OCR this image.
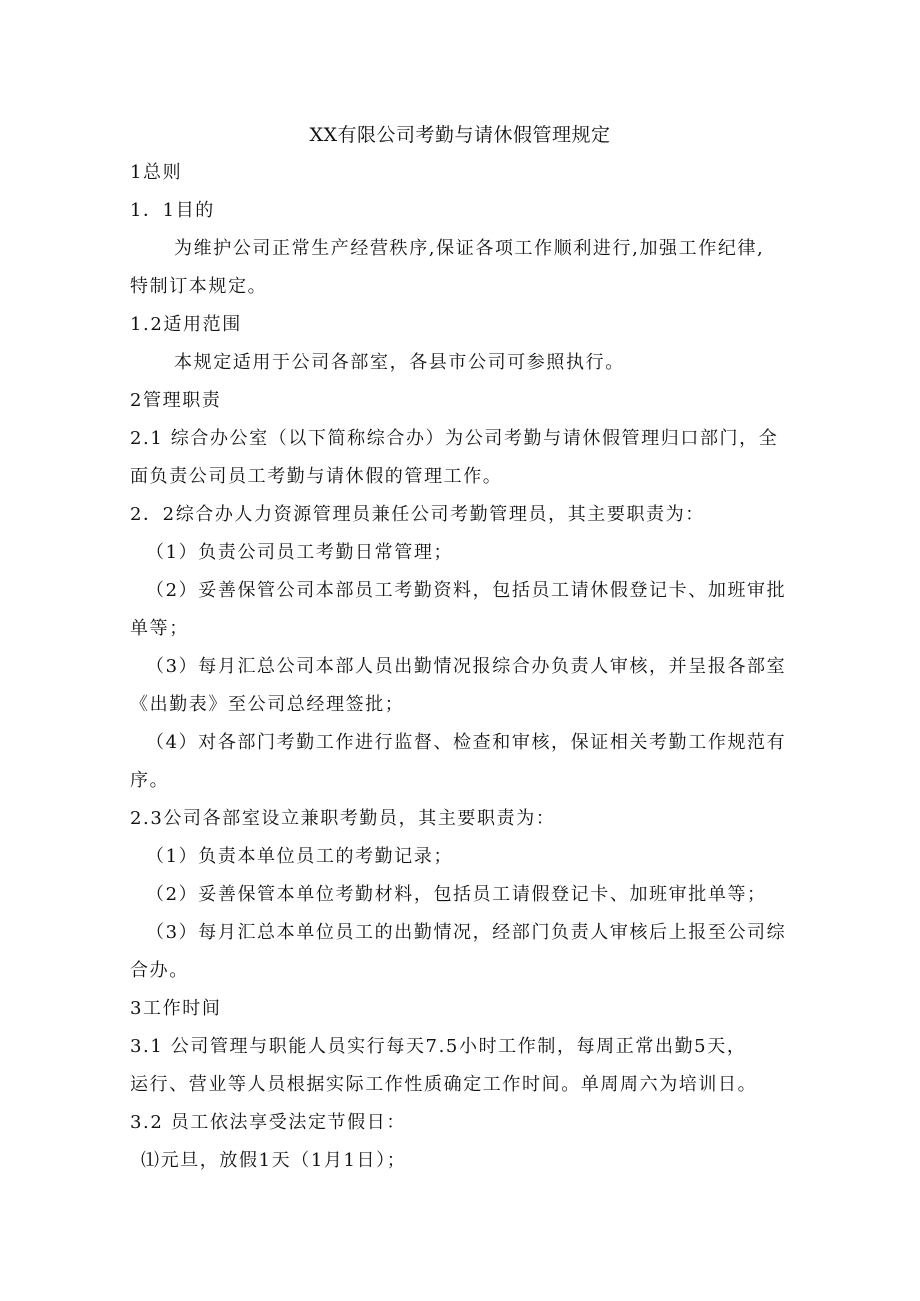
XX有限公司考勤与请休假管理规定
1总则
1．1目的
为维护公司正常生产经营秩序,保证各项工作顺利进行,加强工作纪律,
特制订本规定。
1.2适用范围
本规定适用于公司各部室，各县市公司可参照执行。
2管理职责
2.1 综合办公室（以下简称综合办）为公司考勤与请休假管理归口部门，全
面负责公司员工考勤与请休假的管理工作。
2．2综合办人力资源管理员兼任公司考勤管理员，其主要职责为：
（1）负责公司员工考勤日常管理；
（2）妥善保管公司本部员工考勤资料，包括员工请休假登记卡、加班审批
单等；
（3）每月汇总公司本部人员出勤情况报综合办负责人审核，并呈报各部室
《出勤表》至公司总经理签批；
（4）对各部门考勤工作进行监督、检查和审核，保证相关考勤工作规范有
序。
2.3公司各部室设立兼职考勤员，其主要职责为：
（1）负责本单位员工的考勤记录；
（2）妥善保管本单位考勤材料，包括员工请假登记卡、加班审批单等；
（3）每月汇总本单位员工的出勤情况，经部门负责人审核后上报至公司综
合办。
3工作时间
3.1 公司管理与职能人员实行每天7.5小时工作制，每周正常出勤5天，
运行、营业等人员根据实际工作性质确定工作时间。单周周六为培训日。
3.2 员工依法享受法定节假日：
⑴元旦，放假1天（1月1日）；
